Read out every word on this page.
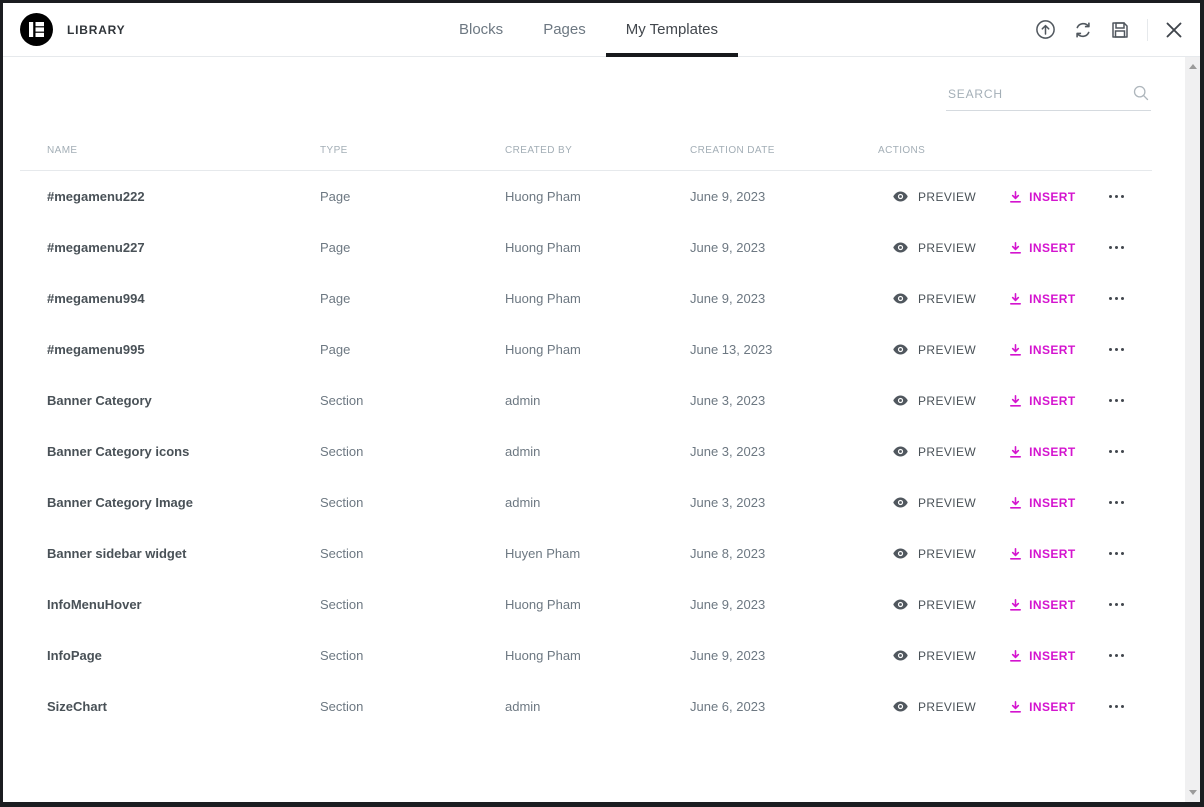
LIBRARY	Blocks	Pages	My Templates
SEARCH
NAME	TYPE	CREATED BY	CREATION DATE	ACTIONS
#megamenu222	Page	Huong Pham	June 9, 2023	PREVIEW	INSERT
#megamenu227	Page	Huong Pham	June 9, 2023	PREVIEW	INSERT
#megamenu994	Page	Huong Pham	June 9, 2023	PREVIEW	INSERT
#megamenu995	Page	Huong Pham	June 13, 2023	PREVIEW	INSERT
Banner Category	Section	admin	June 3, 2023	PREVIEW	INSERT
Banner Category icons	Section	admin	June 3, 2023	PREVIEW	INSERT
Banner Category Image	Section	admin	June 3, 2023	PREVIEW	INSERT
Banner sidebar widget	Section	Huyen Pham	June 8, 2023	PREVIEW	INSERT
InfoMenuHover	Section	Huong Pham	June 9, 2023	PREVIEW	INSERT
InfoPage	Section	Huong Pham	June 9, 2023	PREVIEW	INSERT
SizeChart	Section	admin	June 6, 2023	PREVIEW	INSERT
